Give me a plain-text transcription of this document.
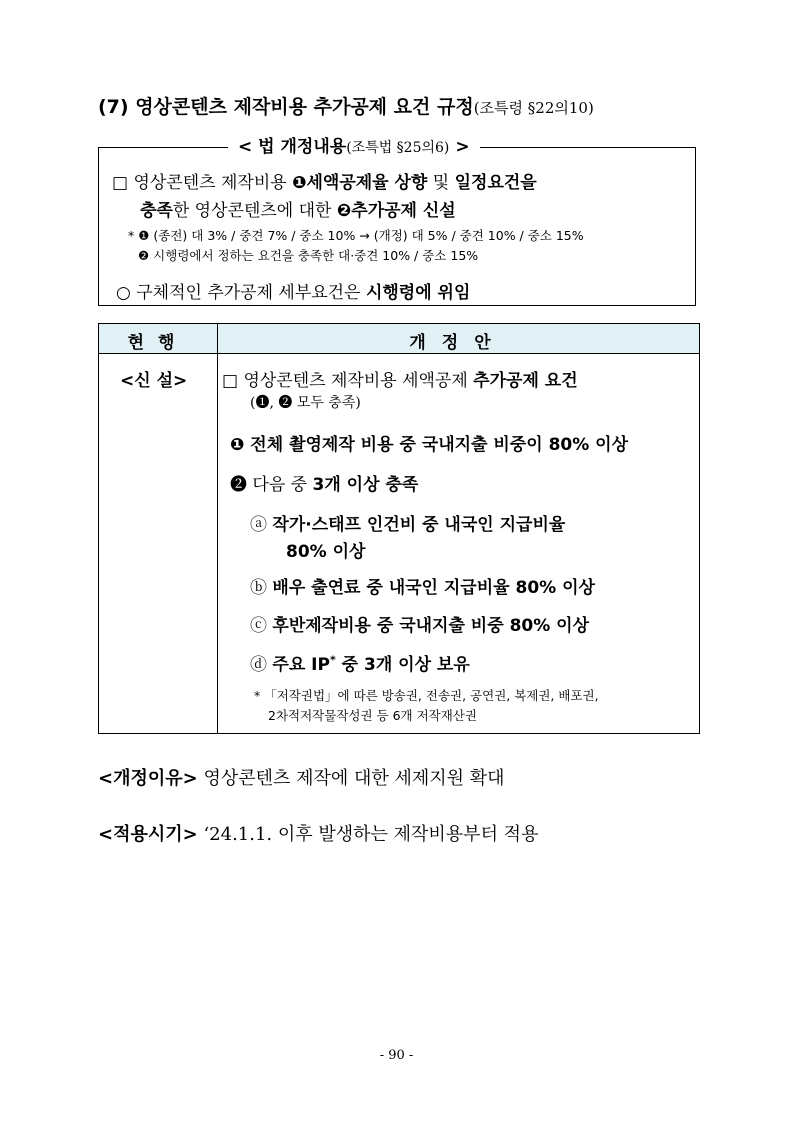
(7) 영상콘텐츠 제작비용 추가공제 요건 규정(조특령 §22의10)
< 법 개정내용(조특법 §25의6) >
□ 영상콘텐츠 제작비용 ❶세액공제율 상향 및 일정요건을
충족한 영상콘텐츠에 대한 ❷추가공제 신설
* ❶ (종전) 대 3% / 중견 7% / 중소 10% → (개정) 대 5% / 중견 10% / 중소 15%
❷ 시행령에서 정하는 요건을 충족한 대·중견 10% / 중소 15%
○ 구체적인 추가공제 세부요건은 시행령에 위임
현행	개정안
<신 설> □ 영상콘텐츠 제작비용 세액공제 추가공제 요건
(❶, ❷ 모두 충족)
❶ 전체 촬영제작 비용 중 국내지출 비중이 80% 이상
❷ 다음 중 3개 이상 충족
ⓐ 작가·스태프 인건비 중 내국인 지급비율
80% 이상
ⓑ 배우 출연료 중 내국인 지급비율 80% 이상
ⓒ 후반제작비용 중 국내지출 비중 80% 이상
ⓓ 주요 IP* 중 3개 이상 보유
* 「저작권법」에 따른 방송권, 전송권, 공연권, 복제권, 배포권,
2차적저작물작성권 등 6개 저작재산권
<개정이유> 영상콘텐츠 제작에 대한 세제지원 확대
<적용시기> ‘24.1.1. 이후 발생하는 제작비용부터 적용
- 90 -
